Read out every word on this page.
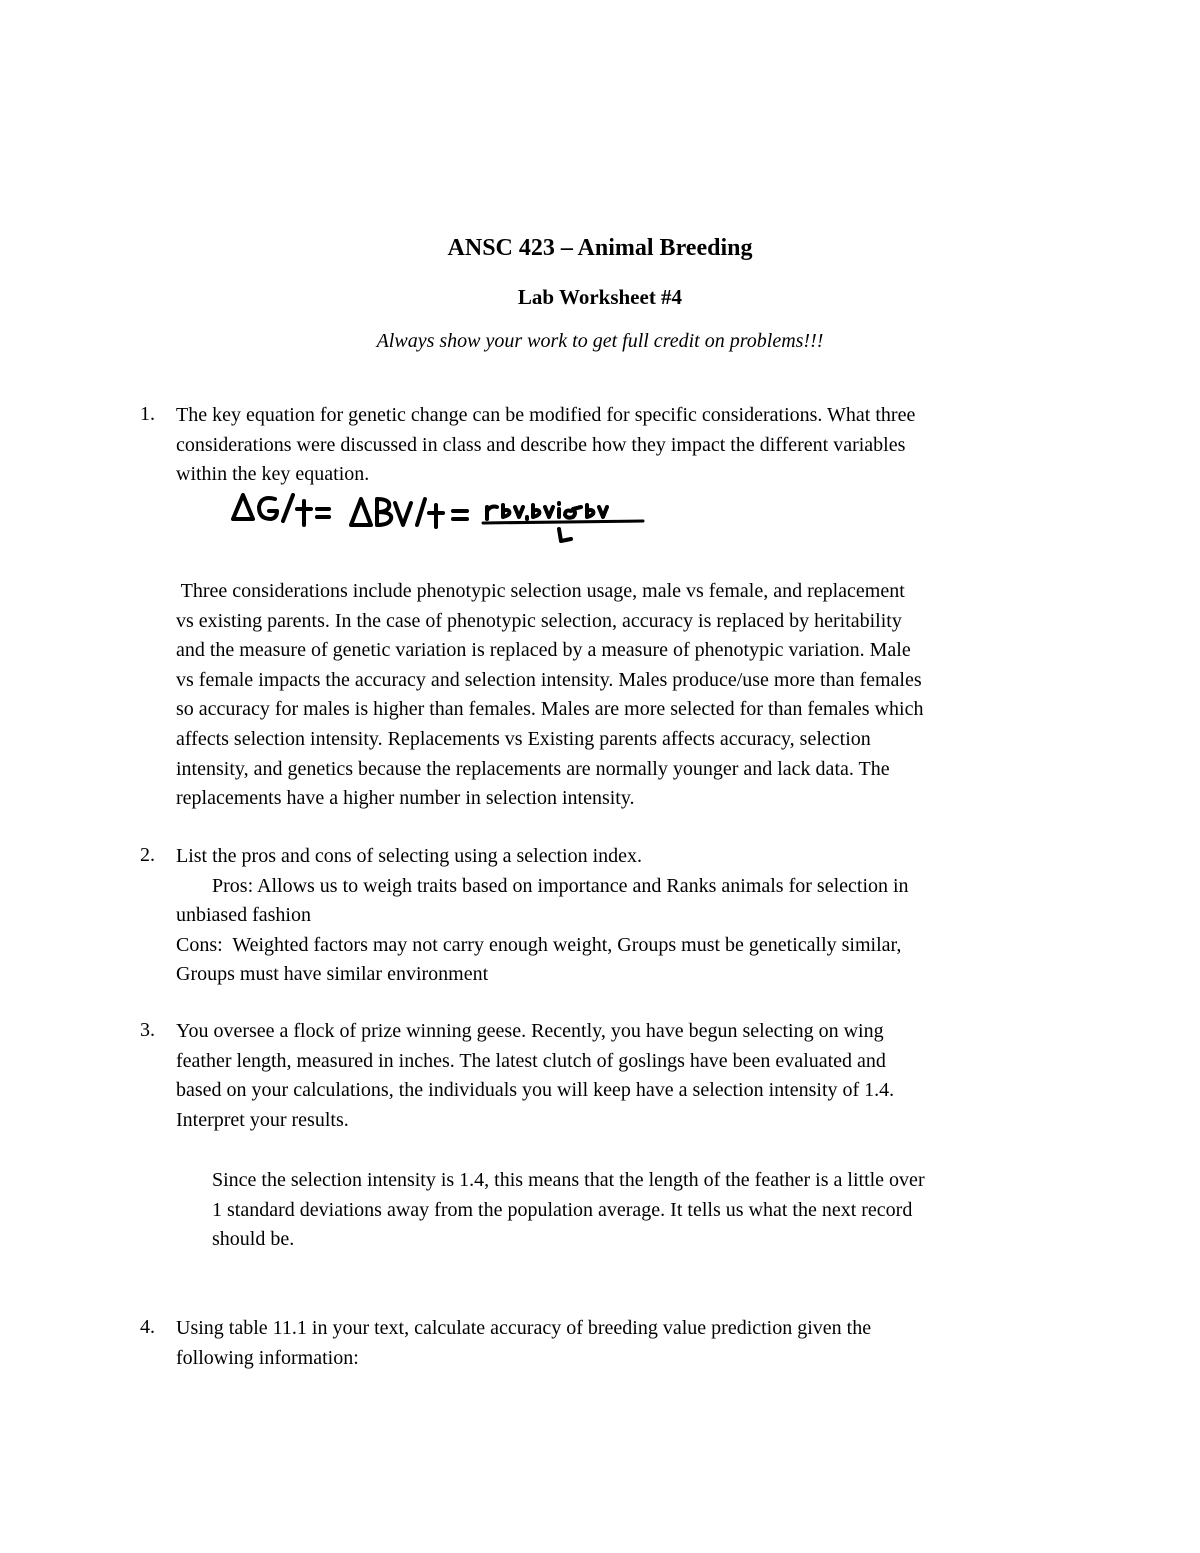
ANSC 423 – Animal Breeding
Lab Worksheet #4
Always show your work to get full credit on problems!!!
1. The key equation for genetic change can be modified for specific considerations. What three
considerations were discussed in class and describe how they impact the different variables
within the key equation.
Three considerations include phenotypic selection usage, male vs female, and replacement
vs existing parents. In the case of phenotypic selection, accuracy is replaced by heritability
and the measure of genetic variation is replaced by a measure of phenotypic variation. Male
vs female impacts the accuracy and selection intensity. Males produce/use more than females
so accuracy for males is higher than females. Males are more selected for than females which
affects selection intensity. Replacements vs Existing parents affects accuracy, selection
intensity, and genetics because the replacements are normally younger and lack data. The
replacements have a higher number in selection intensity.
2. List the pros and cons of selecting using a selection index.
Pros: Allows us to weigh traits based on importance and Ranks animals for selection in
unbiased fashion
Cons:  Weighted factors may not carry enough weight, Groups must be genetically similar,
Groups must have similar environment
3. You oversee a flock of prize winning geese. Recently, you have begun selecting on wing
feather length, measured in inches. The latest clutch of goslings have been evaluated and
based on your calculations, the individuals you will keep have a selection intensity of 1.4.
Interpret your results.
Since the selection intensity is 1.4, this means that the length of the feather is a little over
1 standard deviations away from the population average. It tells us what the next record
should be.
4. Using table 11.1 in your text, calculate accuracy of breeding value prediction given the
following information:
